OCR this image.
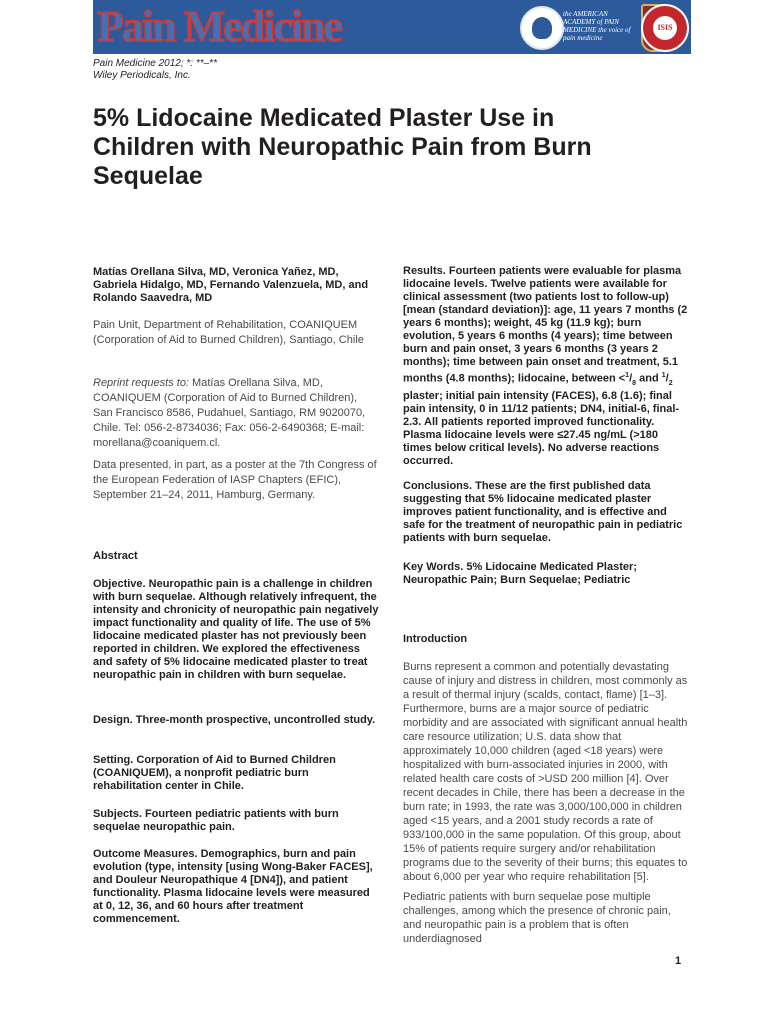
Pain Medicine	the AMERICAN ACADEMY of PAIN MEDICINE the voice of pain medicine
ISIS
Pain Medicine 2012; *: **–**
Wiley Periodicals, Inc.
5% Lidocaine Medicated Plaster Use in Children with Neuropathic Pain from Burn Sequelae
Matías Orellana Silva, MD, Veronica Yañez, MD, Gabriela Hidalgo, MD, Fernando Valenzuela, MD, and Rolando Saavedra, MD
Pain Unit, Department of Rehabilitation, COANIQUEM (Corporation of Aid to Burned Children), Santiago, Chile
Reprint requests to: Matías Orellana Silva, MD, COANIQUEM (Corporation of Aid to Burned Children), San Francisco 8586, Pudahuel, Santiago, RM 9020070, Chile. Tel: 056-2-8734036; Fax: 056-2-6490368; E-mail: morellana@coaniquem.cl.
Data presented, in part, as a poster at the 7th Congress of the European Federation of IASP Chapters (EFIC), September 21–24, 2011, Hamburg, Germany.
Abstract
Objective. Neuropathic pain is a challenge in children with burn sequelae. Although relatively infrequent, the intensity and chronicity of neuropathic pain negatively impact functionality and quality of life. The use of 5% lidocaine medicated plaster has not previously been reported in children. We explored the effectiveness and safety of 5% lidocaine medicated plaster to treat neuropathic pain in children with burn sequelae.
Design. Three-month prospective, uncontrolled study.
Setting. Corporation of Aid to Burned Children (COANIQUEM), a nonprofit pediatric burn rehabilitation center in Chile.
Subjects. Fourteen pediatric patients with burn sequelae neuropathic pain.
Outcome Measures. Demographics, burn and pain evolution (type, intensity [using Wong-Baker FACES], and Douleur Neuropathique 4 [DN4]), and patient functionality. Plasma lidocaine levels were measured at 0, 12, 36, and 60 hours after treatment commencement.
Results. Fourteen patients were evaluable for plasma lidocaine levels. Twelve patients were available for clinical assessment (two patients lost to follow-up) [mean (standard deviation)]: age, 11 years 7 months (2 years 6 months); weight, 45 kg (11.9 kg); burn evolution, 5 years 6 months (4 years); time between burn and pain onset, 3 years 6 months (3 years 2 months); time between pain onset and treatment, 5.1 months (4.8 months); lidocaine, between $<^1/_8$ and $^1/_2$ plaster; initial pain intensity (FACES), 6.8 (1.6); final pain intensity, 0 in 11/12 patients; DN4, initial-6, final-2.3. All patients reported improved functionality. Plasma lidocaine levels were ≤27.45 ng/mL (>180 times below critical levels). No adverse reactions occurred.
Conclusions. These are the first published data suggesting that 5% lidocaine medicated plaster improves patient functionality, and is effective and safe for the treatment of neuropathic pain in pediatric patients with burn sequelae.
Key Words. 5% Lidocaine Medicated Plaster; Neuropathic Pain; Burn Sequelae; Pediatric
Introduction
Burns represent a common and potentially devastating cause of injury and distress in children, most commonly as a result of thermal injury (scalds, contact, flame) [1–3]. Furthermore, burns are a major source of pediatric morbidity and are associated with significant annual health care resource utilization; U.S. data show that approximately 10,000 children (aged <18 years) were hospitalized with burn-associated injuries in 2000, with related health care costs of >USD 200 million [4]. Over recent decades in Chile, there has been a decrease in the burn rate; in 1993, the rate was 3,000/100,000 in children aged <15 years, and a 2001 study records a rate of 933/100,000 in the same population. Of this group, about 15% of patients require surgery and/or rehabilitation programs due to the severity of their burns; this equates to about 6,000 per year who require rehabilitation [5].
Pediatric patients with burn sequelae pose multiple challenges, among which the presence of chronic pain, and neuropathic pain is a problem that is often underdiagnosed
1
